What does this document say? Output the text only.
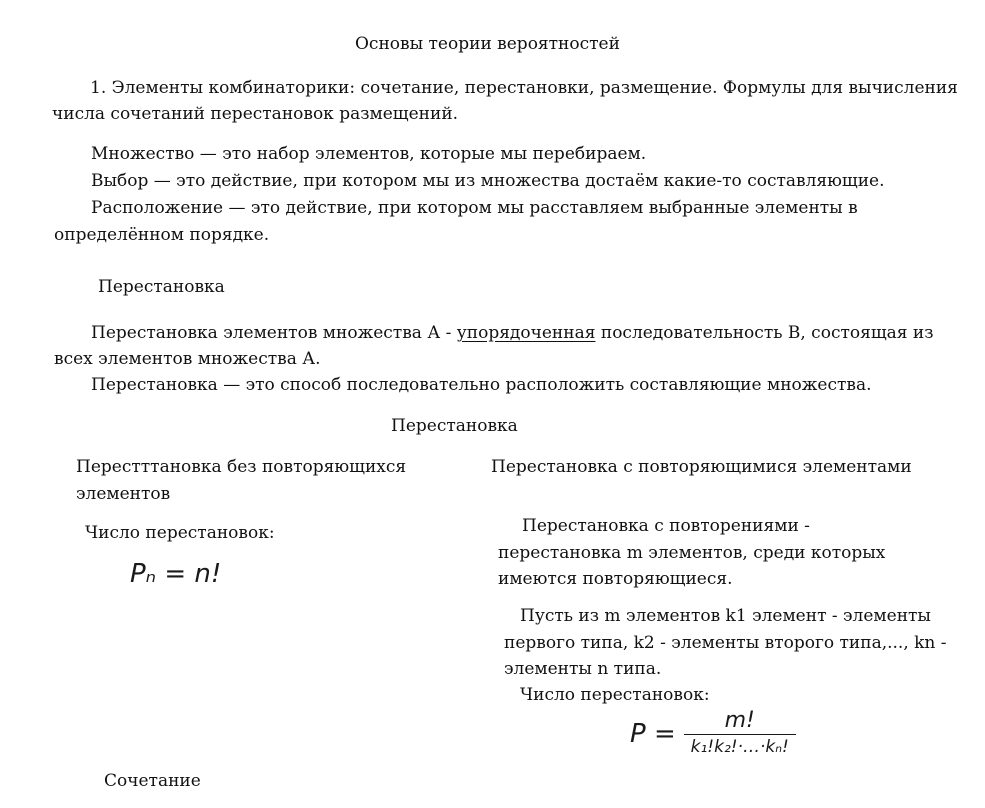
Основы теории вероятностей
1. Элементы комбинаторики: сочетание, перестановки, размещение. Формулы для вычисления
числа сочетаний перестановок размещений.
Множество — это набор элементов, которые мы перебираем.
Выбор — это действие, при котором мы из множества достаём какие-то составляющие.
Расположение — это действие, при котором мы расставляем выбранные элементы в
определённом порядке.
Перестановка
Перестановка элементов множества А - упорядоченная последовательность В, состоящая из
всех элементов множества А.
Перестановка — это способ последовательно расположить составляющие множества.
Перестановка
Перестттановка без повторяющихся
элементов
Число перестановок:
Pₙ = n!
Перестановка с повторяющимися элементами
Перестановка с повторениями -
перестановка m элементов, среди которых
имеются повторяющиеся.
Пусть из m элементов k1 элемент - элементы
первого типа, k2 - элементы второго типа,..., kn -
элементы n типа.
Число перестановок:
$P = \frac{m!}{\text{k₁!k₂!·…·kₙ!}}$
Сочетание
